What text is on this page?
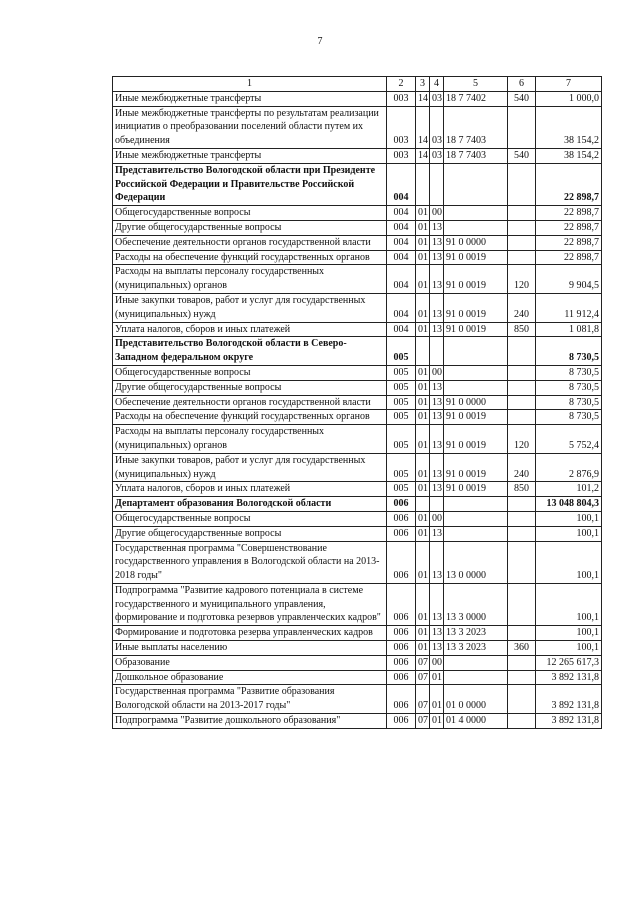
7
1	2	3	4	5	6	7
Иные межбюджетные трансферты	003	14	03	18 7 7402	540	1 000,0
Иные межбюджетные трансферты по результатам реализации инициатив о преобразовании поселений области путем их объединения	003	14	03	18 7 7403		38 154,2
Иные межбюджетные трансферты	003	14	03	18 7 7403	540	38 154,2
Представительство Вологодской области при Президенте Российской Федерации и Правительстве Российской Федерации	004					22 898,7
Общегосударственные вопросы	004	01	00			22 898,7
Другие общегосударственные вопросы	004	01	13			22 898,7
Обеспечение деятельности органов государственной власти	004	01	13	91 0 0000		22 898,7
Расходы на обеспечение функций государственных органов	004	01	13	91 0 0019		22 898,7
Расходы на выплаты персоналу государственных (муниципальных) органов	004	01	13	91 0 0019	120	9 904,5
Иные закупки товаров, работ и услуг для государственных (муниципальных) нужд	004	01	13	91 0 0019	240	11 912,4
Уплата налогов, сборов и иных платежей	004	01	13	91 0 0019	850	1 081,8
Представительство Вологодской области в Северо-Западном федеральном округе	005					8 730,5
Общегосударственные вопросы	005	01	00			8 730,5
Другие общегосударственные вопросы	005	01	13			8 730,5
Обеспечение деятельности органов государственной власти	005	01	13	91 0 0000		8 730,5
Расходы на обеспечение функций государственных органов	005	01	13	91 0 0019		8 730,5
Расходы на выплаты персоналу государственных (муниципальных) органов	005	01	13	91 0 0019	120	5 752,4
Иные закупки товаров, работ и услуг для государственных (муниципальных) нужд	005	01	13	91 0 0019	240	2 876,9
Уплата налогов, сборов и иных платежей	005	01	13	91 0 0019	850	101,2
Департамент образования Вологодской области	006					13 048 804,3
Общегосударственные вопросы	006	01	00			100,1
Другие общегосударственные вопросы	006	01	13			100,1
Государственная программа "Совершенствование государственного управления в Вологодской области на 2013-2018 годы"	006	01	13	13 0 0000		100,1
Подпрограмма "Развитие кадрового потенциала в системе государственного и муниципального управления, формирование и подготовка резервов управленческих кадров"	006	01	13	13 3 0000		100,1
Формирование и подготовка резерва управленческих кадров	006	01	13	13 3 2023		100,1
Иные выплаты населению	006	01	13	13 3 2023	360	100,1
Образование	006	07	00			12 265 617,3
Дошкольное образование	006	07	01			3 892 131,8
Государственная программа "Развитие образования Вологодской области на 2013-2017 годы"	006	07	01	01 0 0000		3 892 131,8
Подпрограмма "Развитие дошкольного образования"	006	07	01	01 4 0000		3 892 131,8
